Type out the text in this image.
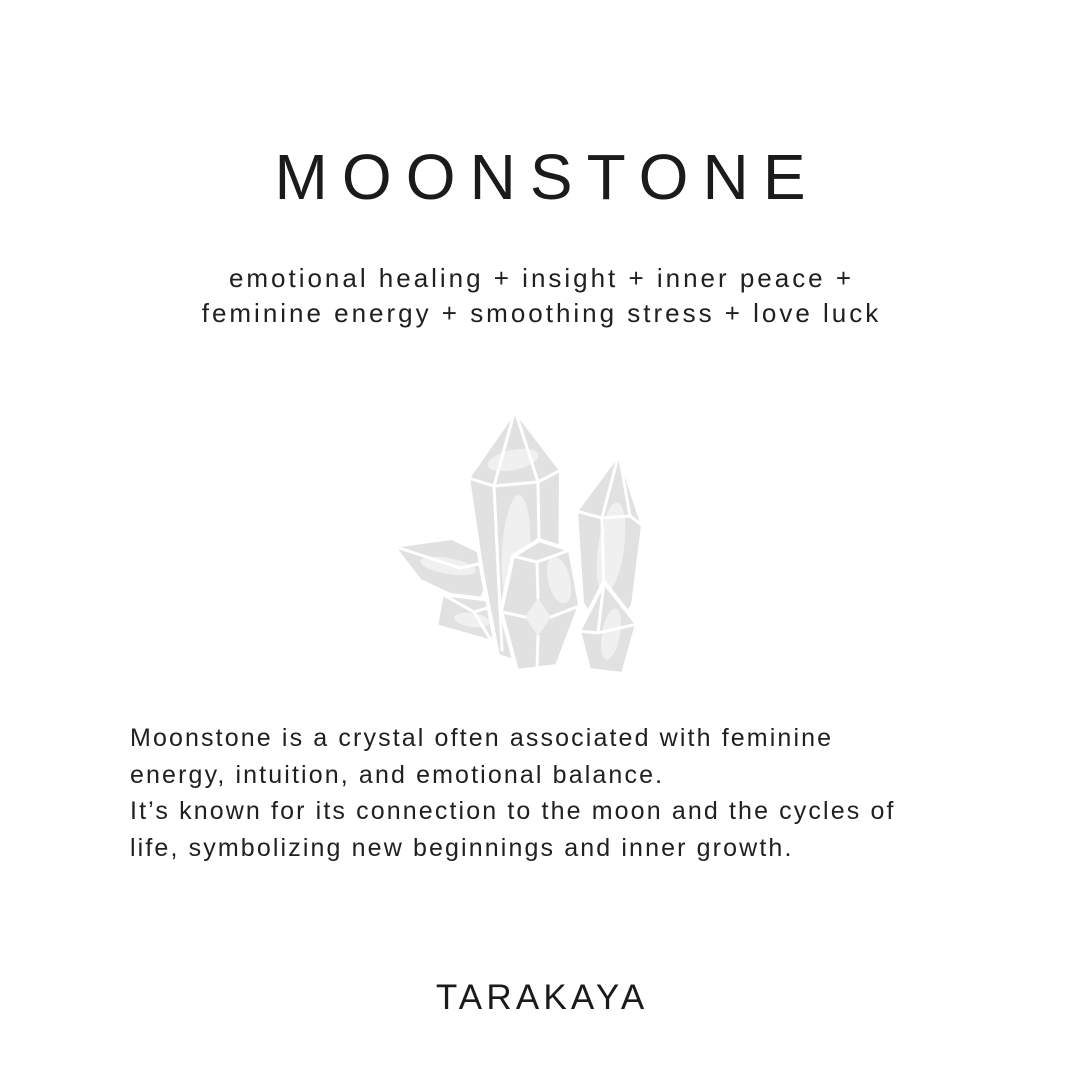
MOONSTONE
emotional healing + insight + inner peace +
feminine energy + smoothing stress + love luck
Moonstone is a crystal often associated with feminine
energy, intuition, and emotional balance.
It’s known for its connection to the moon and the cycles of
life, symbolizing new beginnings and inner growth.
TARAKAYA
